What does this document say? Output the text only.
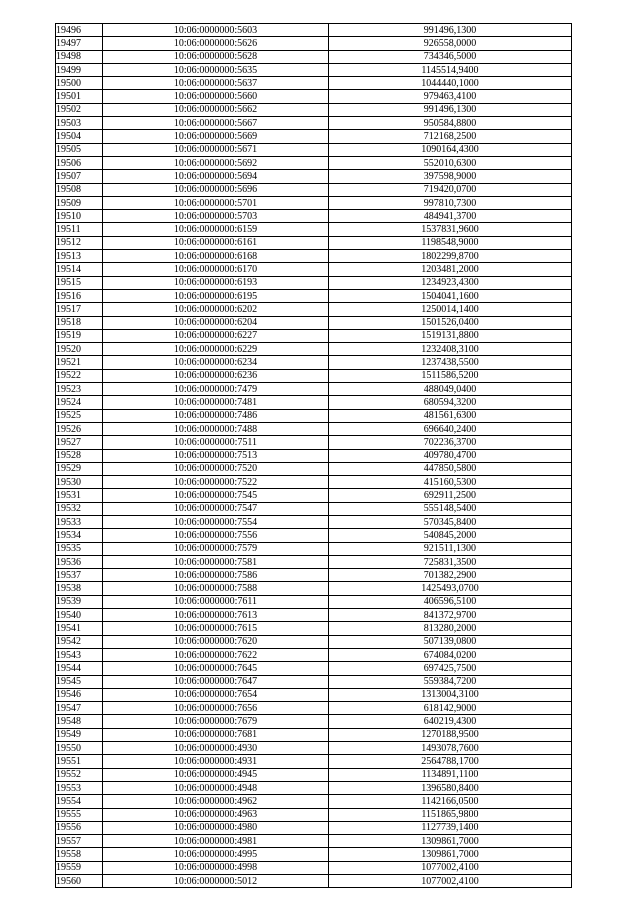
19496	10:06:0000000:5603	991496,1300
19497	10:06:0000000:5626	926558,0000
19498	10:06:0000000:5628	734346,5000
19499	10:06:0000000:5635	1145514,9400
19500	10:06:0000000:5637	1044440,1000
19501	10:06:0000000:5660	979463,4100
19502	10:06:0000000:5662	991496,1300
19503	10:06:0000000:5667	950584,8800
19504	10:06:0000000:5669	712168,2500
19505	10:06:0000000:5671	1090164,4300
19506	10:06:0000000:5692	552010,6300
19507	10:06:0000000:5694	397598,9000
19508	10:06:0000000:5696	719420,0700
19509	10:06:0000000:5701	997810,7300
19510	10:06:0000000:5703	484941,3700
19511	10:06:0000000:6159	1537831,9600
19512	10:06:0000000:6161	1198548,9000
19513	10:06:0000000:6168	1802299,8700
19514	10:06:0000000:6170	1203481,2000
19515	10:06:0000000:6193	1234923,4300
19516	10:06:0000000:6195	1504041,1600
19517	10:06:0000000:6202	1250014,1400
19518	10:06:0000000:6204	1501526,0400
19519	10:06:0000000:6227	1519131,8800
19520	10:06:0000000:6229	1232408,3100
19521	10:06:0000000:6234	1237438,5500
19522	10:06:0000000:6236	1511586,5200
19523	10:06:0000000:7479	488049,0400
19524	10:06:0000000:7481	680594,3200
19525	10:06:0000000:7486	481561,6300
19526	10:06:0000000:7488	696640,2400
19527	10:06:0000000:7511	702236,3700
19528	10:06:0000000:7513	409780,4700
19529	10:06:0000000:7520	447850,5800
19530	10:06:0000000:7522	415160,5300
19531	10:06:0000000:7545	692911,2500
19532	10:06:0000000:7547	555148,5400
19533	10:06:0000000:7554	570345,8400
19534	10:06:0000000:7556	540845,2000
19535	10:06:0000000:7579	921511,1300
19536	10:06:0000000:7581	725831,3500
19537	10:06:0000000:7586	701382,2900
19538	10:06:0000000:7588	1425493,0700
19539	10:06:0000000:7611	406596,5100
19540	10:06:0000000:7613	841372,9700
19541	10:06:0000000:7615	813280,2000
19542	10:06:0000000:7620	507139,0800
19543	10:06:0000000:7622	674084,0200
19544	10:06:0000000:7645	697425,7500
19545	10:06:0000000:7647	559384,7200
19546	10:06:0000000:7654	1313004,3100
19547	10:06:0000000:7656	618142,9000
19548	10:06:0000000:7679	640219,4300
19549	10:06:0000000:7681	1270188,9500
19550	10:06:0000000:4930	1493078,7600
19551	10:06:0000000:4931	2564788,1700
19552	10:06:0000000:4945	1134891,1100
19553	10:06:0000000:4948	1396580,8400
19554	10:06:0000000:4962	1142166,0500
19555	10:06:0000000:4963	1151865,9800
19556	10:06:0000000:4980	1127739,1400
19557	10:06:0000000:4981	1309861,7000
19558	10:06:0000000:4995	1309861,7000
19559	10:06:0000000:4998	1077002,4100
19560	10:06:0000000:5012	1077002,4100
